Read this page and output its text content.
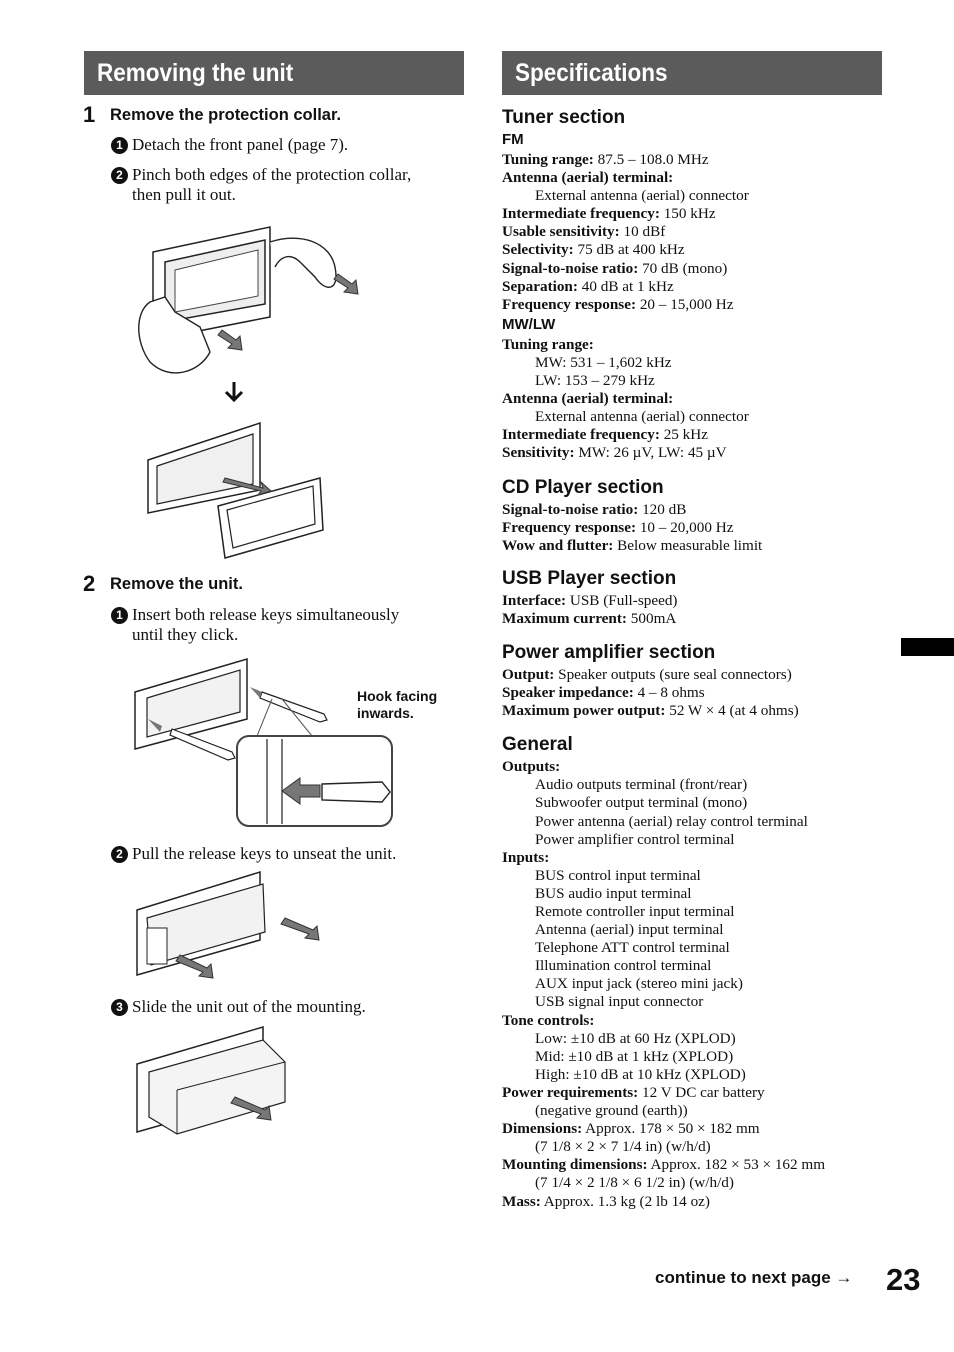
Removing the unit
1 Remove the protection collar.
1 Detach the front panel (page 7).
2 Pinch both edges of the protection collar,
then pull it out.
2 Remove the unit.
1 Insert both release keys simultaneously
until they click.
Hook facing
inwards.
2 Pull the release keys to unseat the unit.
3 Slide the unit out of the mounting.
Specifications
Tuner section
FM
Tuning range: 87.5 – 108.0 MHz
Antenna (aerial) terminal:
External antenna (aerial) connector
Intermediate frequency: 150 kHz
Usable sensitivity: 10 dBf
Selectivity: 75 dB at 400 kHz
Signal-to-noise ratio: 70 dB (mono)
Separation: 40 dB at 1 kHz
Frequency response: 20 – 15,000 Hz
MW/LW
Tuning range:
MW: 531 – 1,602 kHz
LW: 153 – 279 kHz
Antenna (aerial) terminal:
External antenna (aerial) connector
Intermediate frequency: 25 kHz
Sensitivity: MW: 26 µV, LW: 45 µV
CD Player section
Signal-to-noise ratio: 120 dB
Frequency response: 10 – 20,000 Hz
Wow and flutter: Below measurable limit
USB Player section
Interface: USB (Full-speed)
Maximum current: 500mA
Power amplifier section
Output: Speaker outputs (sure seal connectors)
Speaker impedance: 4 – 8 ohms
Maximum power output: 52 W × 4 (at 4 ohms)
General
Outputs:
Audio outputs terminal (front/rear)
Subwoofer output terminal (mono)
Power antenna (aerial) relay control terminal
Power amplifier control terminal
Inputs:
BUS control input terminal
BUS audio input terminal
Remote controller input terminal
Antenna (aerial) input terminal
Telephone ATT control terminal
Illumination control terminal
AUX input jack (stereo mini jack)
USB signal input connector
Tone controls:
Low: ±10 dB at 60 Hz (XPLOD)
Mid: ±10 dB at 1 kHz (XPLOD)
High: ±10 dB at 10 kHz (XPLOD)
Power requirements: 12 V DC car battery
(negative ground (earth))
Dimensions: Approx. 178 × 50 × 182 mm
(7 1/8 × 2 × 7 1/4 in) (w/h/d)
Mounting dimensions: Approx. 182 × 53 × 162 mm
(7 1/4 × 2 1/8 × 6 1/2 in) (w/h/d)
Mass: Approx. 1.3 kg (2 lb 14 oz)
continue to next page → 23
